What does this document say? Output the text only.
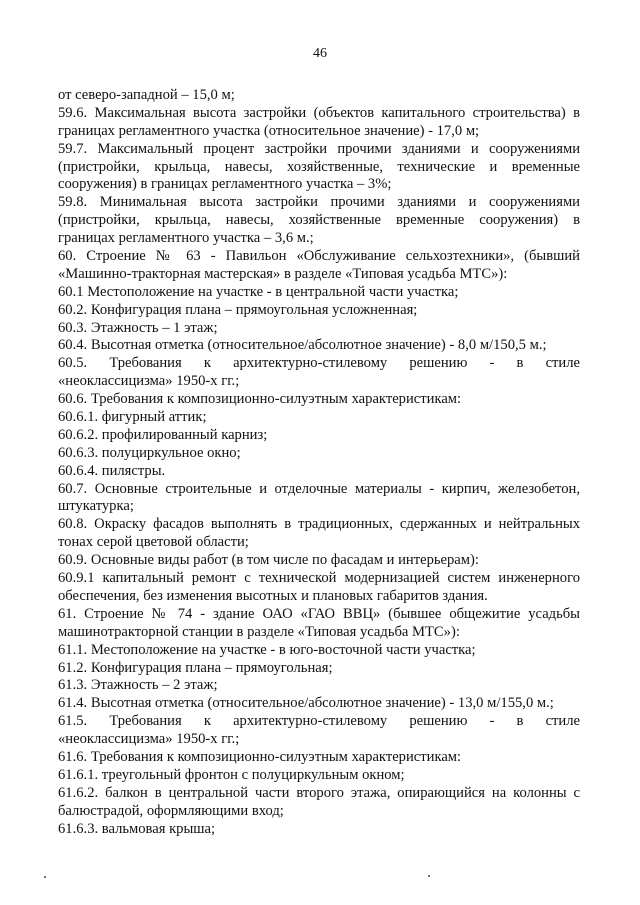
46
от северо-западной – 15,0 м;
59.6. Максимальная высота застройки (объектов капитального строительства) в
границах регламентного участка (относительное значение) - 17,0 м;
59.7. Максимальный процент застройки прочими зданиями и сооружениями
(пристройки, крыльца, навесы, хозяйственные, технические и временные
сооружения) в границах регламентного участка – 3%;
59.8. Минимальная высота застройки прочими зданиями и сооружениями
(пристройки, крыльца, навесы, хозяйственные временные сооружения) в
границах регламентного участка – 3,6 м.;
60. Строение № 63 - Павильон «Обслуживание сельхозтехники», (бывший
«Машинно-тракторная мастерская» в разделе «Типовая усадьба МТС»):
60.1 Местоположение на участке - в центральной части участка;
60.2. Конфигурация плана – прямоугольная усложненная;
60.3. Этажность – 1 этаж;
60.4. Высотная отметка (относительное/абсолютное значение) - 8,0 м/150,5 м.;
60.5. Требования к архитектурно-стилевому решению - в стиле
«неоклассицизма» 1950-х гг.;
60.6. Требования к композиционно-силуэтным характеристикам:
60.6.1. фигурный аттик;
60.6.2. профилированный карниз;
60.6.3. полуциркульное окно;
60.6.4. пилястры.
60.7. Основные строительные и отделочные материалы - кирпич, железобетон,
штукатурка;
60.8. Окраску фасадов выполнять в традиционных, сдержанных и нейтральных
тонах серой цветовой области;
60.9. Основные виды работ (в том числе по фасадам и интерьерам):
60.9.1 капитальный ремонт с технической модернизацией систем инженерного
обеспечения, без изменения высотных и плановых габаритов здания.
61. Строение № 74 - здание ОАО «ГАО ВВЦ» (бывшее общежитие усадьбы
машинотракторной станции в разделе «Типовая усадьба МТС»):
61.1. Местоположение на участке - в юго-восточной части участка;
61.2. Конфигурация плана – прямоугольная;
61.3. Этажность – 2 этаж;
61.4. Высотная отметка (относительное/абсолютное значение) - 13,0 м/155,0 м.;
61.5. Требования к архитектурно-стилевому решению - в стиле
«неоклассицизма» 1950-х гг.;
61.6. Требования к композиционно-силуэтным характеристикам:
61.6.1. треугольный фронтон с полуциркульным окном;
61.6.2. балкон в центральной части второго этажа, опирающийся на колонны с
балюстрадой, оформляющими вход;
61.6.3. вальмовая крыша;
